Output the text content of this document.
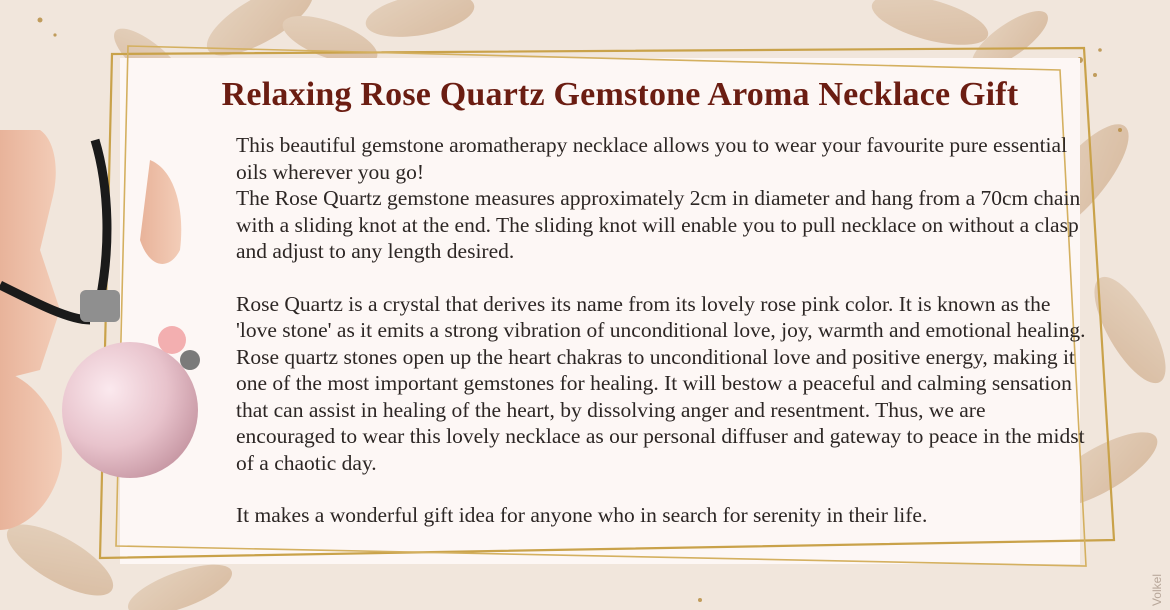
Relaxing Rose Quartz Gemstone Aroma Necklace Gift

This beautiful gemstone aromatherapy necklace allows you to wear your favourite pure essential oils wherever you go!

The Rose Quartz gemstone measures approximately 2cm in diameter and hang from a 70cm chain with a sliding knot at the end. The sliding knot will enable you to pull necklace on without a clasp and adjust to any length desired.

Rose Quartz is a crystal that derives its name from its lovely rose pink color. It is known as the 'love stone' as it emits a strong vibration of unconditional love, joy, warmth and emotional healing. Rose quartz stones open up the heart chakras to unconditional love and positive energy, making it one of the most important gemstones for healing. It will bestow a peaceful and calming sensation that can assist in healing of the heart, by dissolving anger and resentment. Thus, we are encouraged to wear this lovely necklace as our personal diffuser and gateway to peace in the midst of a chaotic day.

It makes a wonderful gift idea for anyone who in search for serenity in their life.

Volkel
